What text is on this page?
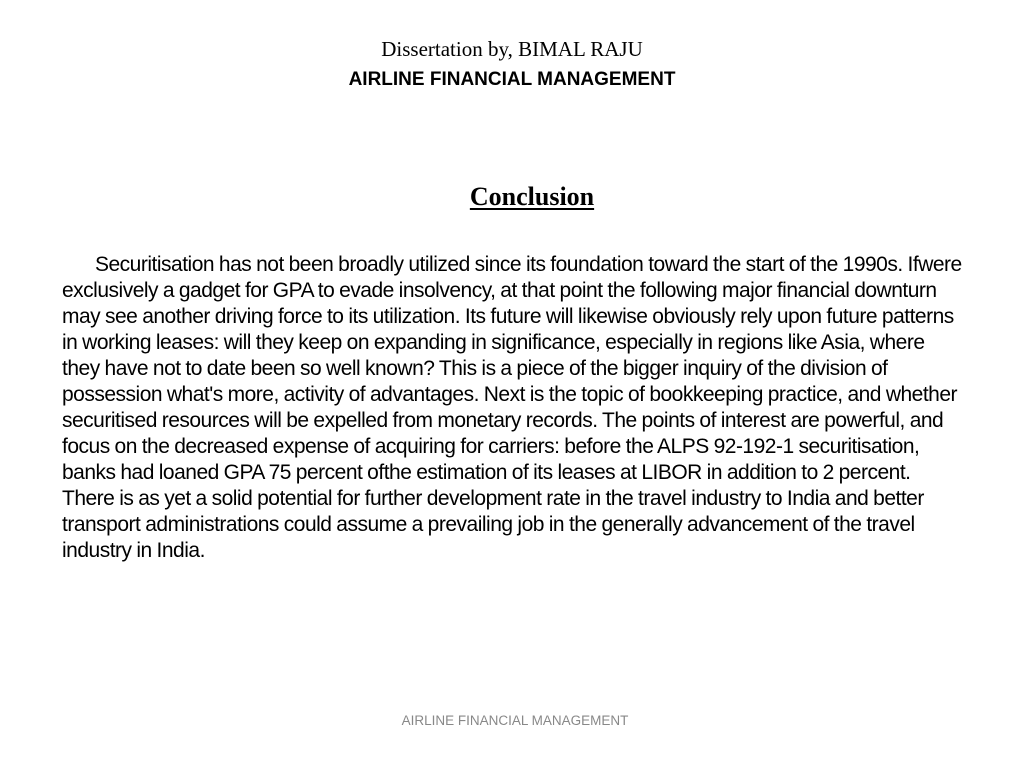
Dissertation by, BIMAL RAJU
AIRLINE FINANCIAL MANAGEMENT
Conclusion

Securitisation has not been broadly utilized since its foundation toward the start of the 1990s. Ifwere exclusively a gadget for GPA to evade insolvency, at that point the following major financial downturn may see another driving force to its utilization. Its future will likewise obviously rely upon future patterns in working leases: will they keep on expanding in significance, especially in regions like Asia, where they have not to date been so well known? This is a piece of the bigger inquiry of the division of possession what's more, activity of advantages. Next is the topic of bookkeeping practice, and whether securitised resources will be expelled from monetary records. The points of interest are powerful, and focus on the decreased expense of acquiring for carriers: before the ALPS 92-192-1 securitisation, banks had loaned GPA 75 percent ofthe estimation of its leases at LIBOR in addition to 2 percent. There is as yet a solid potential for further development rate in the travel industry to India and better transport administrations could assume a prevailing job in the generally advancement of the travel industry in India.

AIRLINE FINANCIAL MANAGEMENT
